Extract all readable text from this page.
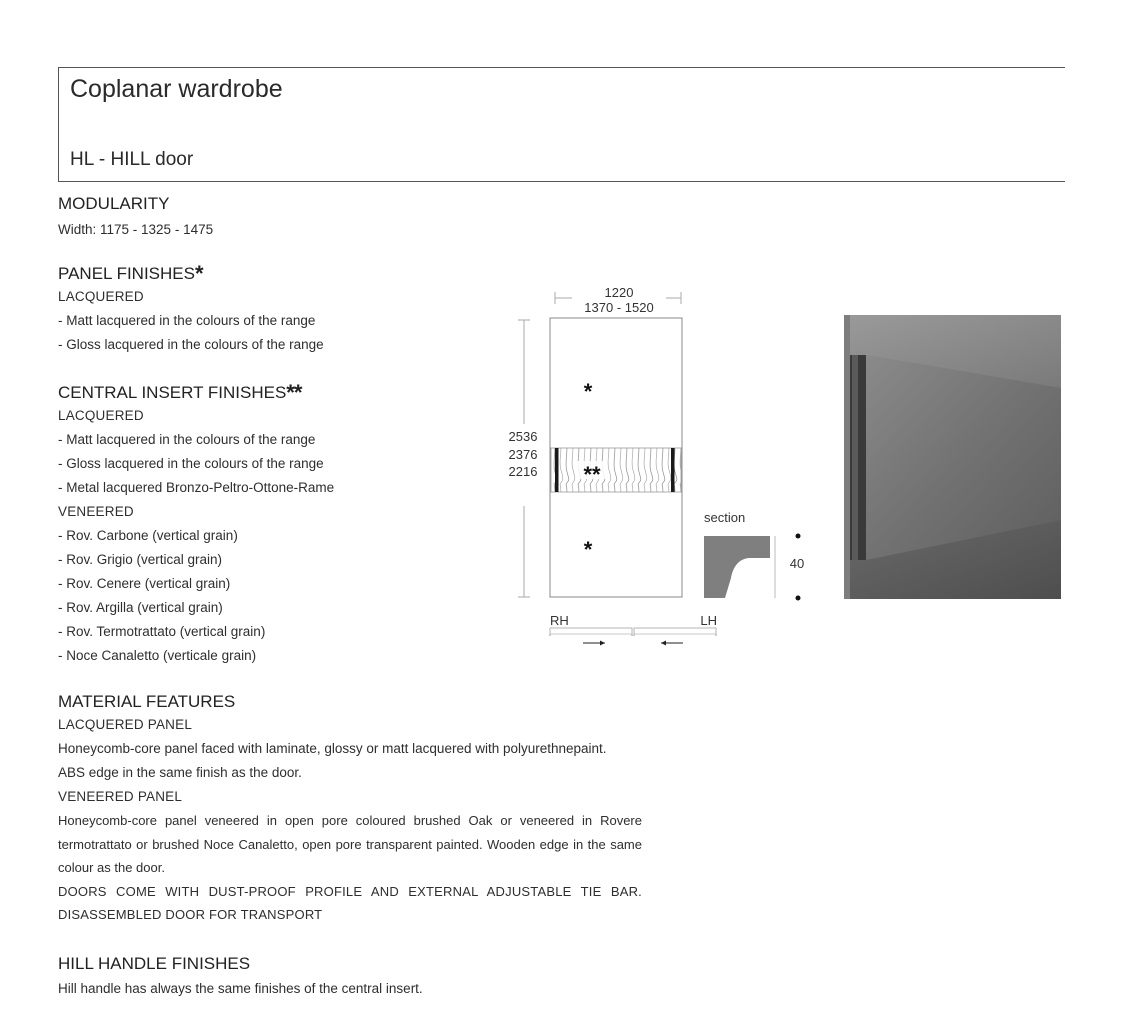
Coplanar wardrobe
HL - HILL door

MODULARITY

Width: 1175 - 1325 - 1475

PANEL FINISHES*

LACQUERED

- Matt lacquered in the colours of the range

- Gloss lacquered in the colours of the range

CENTRAL INSERT FINISHES**

LACQUERED

- Matt lacquered in the colours of the range

- Gloss lacquered in the colours of the range

- Metal lacquered Bronzo-Peltro-Ottone-Rame

VENEERED

- Rov. Carbone (vertical grain)

- Rov. Grigio (vertical grain)

- Rov. Cenere (vertical grain)

- Rov. Argilla (vertical grain)

- Rov. Termotrattato (vertical grain)

- Noce Canaletto (verticale grain)

MATERIAL FEATURES

LACQUERED PANEL

Honeycomb-core panel faced with laminate, glossy or matt lacquered with polyurethnepaint.

ABS edge in the same finish as the door.

VENEERED PANEL

Honeycomb-core panel veneered in open pore coloured brushed Oak or veneered in Rovere

termotrattato or brushed Noce Canaletto, open pore transparent painted. Wooden edge in the same

colour as the door.

DOORS COME WITH DUST-PROOF PROFILE AND EXTERNAL ADJUSTABLE TIE BAR.

DISASSEMBLED DOOR FOR TRANSPORT

HILL HANDLE FINISHES

Hill handle has always the same finishes of the central insert.

1220
1370 - 1520
2536
2376
2216 **
*
*
RH	LH
section
40
